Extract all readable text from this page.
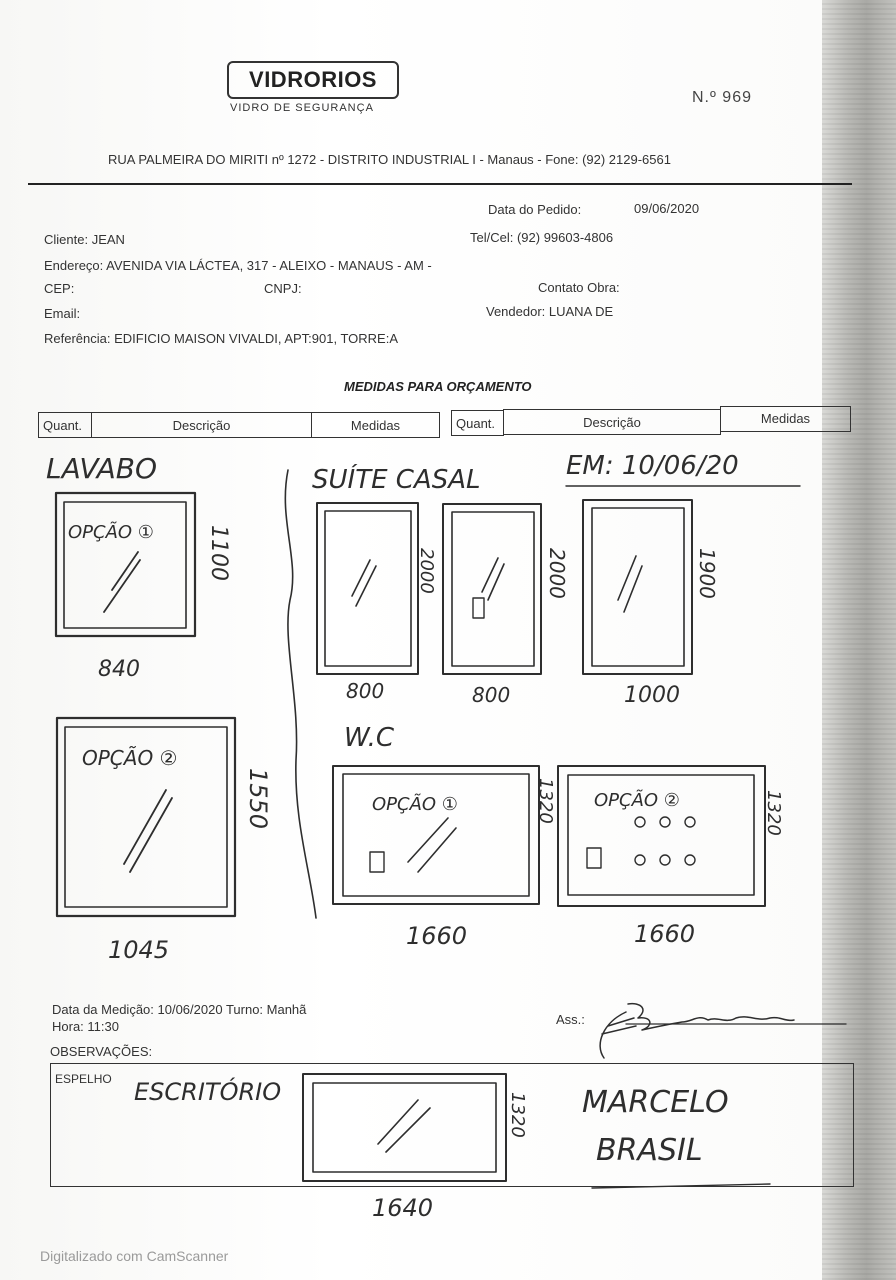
VIDRORIOS
VIDRO DE SEGURANÇA
N.º 969
RUA PALMEIRA DO MIRITI nº 1272 - DISTRITO INDUSTRIAL I - Manaus - Fone: (92) 2129-6561
Data do Pedido:	09/06/2020
Cliente: JEAN	Tel/Cel: (92) 99603-4806
Endereço: AVENIDA VIA LÁCTEA, 317 - ALEIXO - MANAUS - AM -
CEP:	CNPJ:	Contato Obra:
Email:	Vendedor: LUANA DE
Referência: EDIFICIO MAISON VIVALDI, APT:901, TORRE:A
MEDIDAS PARA ORÇAMENTO
Quant.	Descrição	Medidas	Quant.	Descrição	Medidas
LAVABO	SUÍTE CASAL	EM: 10/06/20
OPÇÃO ①
OPÇÃO ②
840
1045
1100
1550
2000	2000	1900
800	800	1000
W.C
OPÇÃO ①	OPÇÃO ②
1320	1320
1660	1660
Data da Medição: 10/06/2020 Turno: Manhã
Hora: 11:30	Ass.:
OBSERVAÇÕES:
ESPELHO ESCRITÓRIO	1320
1640
MARCELO
BRASIL
Digitalizado com CamScanner
